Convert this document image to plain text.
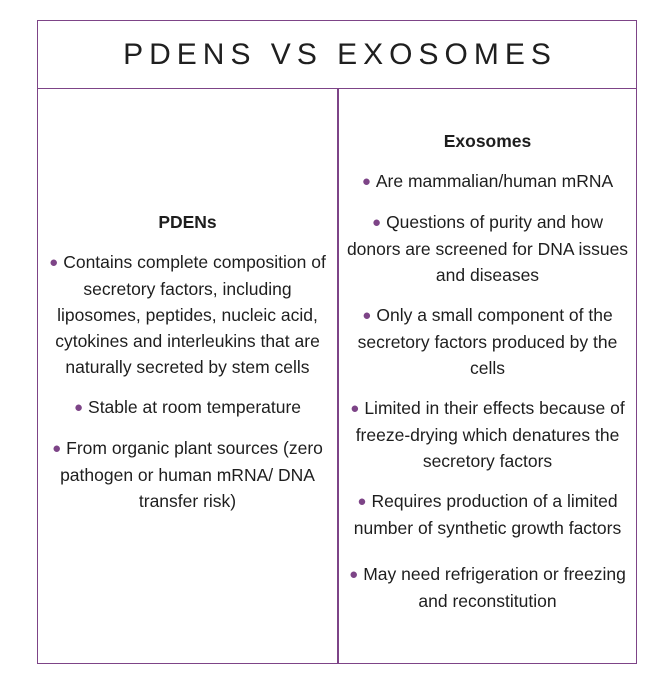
PDENS VS EXOSOMES
PDENs
● Contains complete composition of secretory factors, including liposomes, peptides, nucleic acid, cytokines and interleukins that are naturally secreted by stem cells
● Stable at room temperature
● From organic plant sources (zero pathogen or human mRNA/ DNA transfer risk)
Exosomes
● Are mammalian/human mRNA
● Questions of purity and how donors are screened for DNA issues and diseases
● Only a small component of the secretory factors produced by the cells
● Limited in their effects because of freeze-drying which denatures the secretory factors
● Requires production of a limited number of synthetic growth factors
● May need refrigeration or freezing and reconstitution
